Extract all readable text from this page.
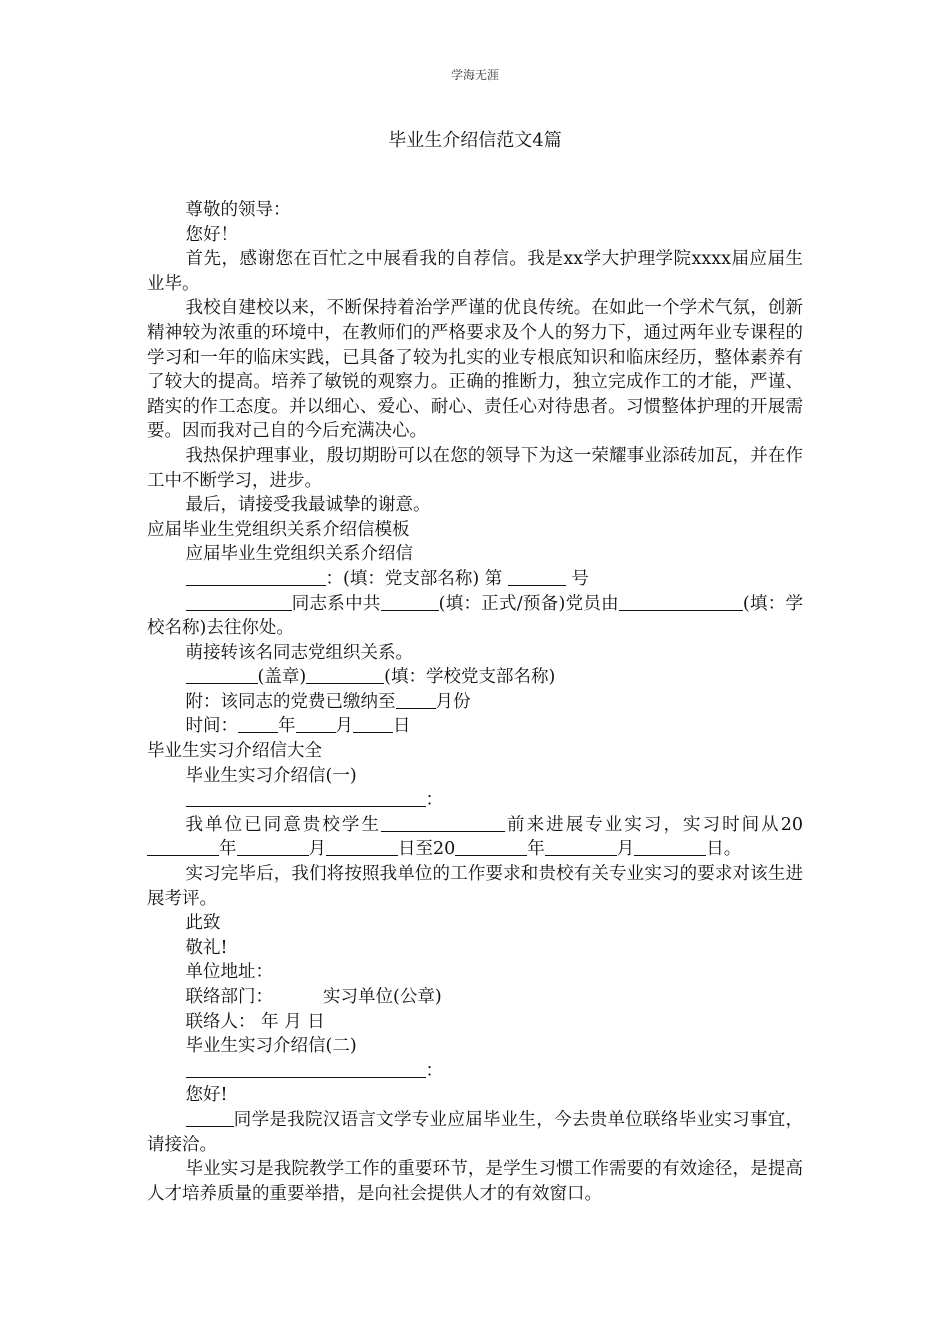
学海无涯
毕业生介绍信范文4篇

尊敬的领导：

您好！

首先，感谢您在百忙之中展看我的自荐信。我是xx学大护理学院xxxx届应届生业毕。

我校自建校以来，不断保持着治学严谨的优良传统。在如此一个学术气氛，创新精神较为浓重的环境中，在教师们的严格要求及个人的努力下，通过两年业专课程的学习和一年的临床实践，已具备了较为扎实的业专根底知识和临床经历，整体素养有了较大的提高。培养了敏锐的观察力。正确的推断力，独立完成作工的才能，严谨、踏实的作工态度。并以细心、爱心、耐心、责任心对待患者。习惯整体护理的开展需要。因而我对己自的今后充满决心。

我热保护理事业，殷切期盼可以在您的领导下为这一荣耀事业添砖加瓦，并在作工中不断学习，进步。

最后，请接受我最诚挚的谢意。

应届毕业生党组织关系介绍信模板

应届毕业生党组织关系介绍信

：(填：党支部名称) 第	号

同志系中共	(填：正式/预备)党员由	(填：学校名称)去往你处。

萌接转该名同志党组织关系。

(盖章)	(填：学校党支部名称)

附：该同志的党费已缴纳至 月份

时间： 年 月 日

毕业生实习介绍信大全

毕业生实习介绍信(一)

：

我单位已同意贵校学生	前来进展专业实习，实习时间从20年	月	日至20	年	月	日。

实习完毕后，我们将按照我单位的工作要求和贵校有关专业实习的要求对该生进展考评。

此致

敬礼!

单位地址：

联络部门：	实习单位(公章)

联络人： 年 月 日

毕业生实习介绍信(二)

：

您好!

同学是我院汉语言文学专业应届毕业生，今去贵单位联络毕业实习事宜，请接洽。

毕业实习是我院教学工作的重要环节，是学生习惯工作需要的有效途径，是提高人才培养质量的重要举措，是向社会提供人才的有效窗口。
